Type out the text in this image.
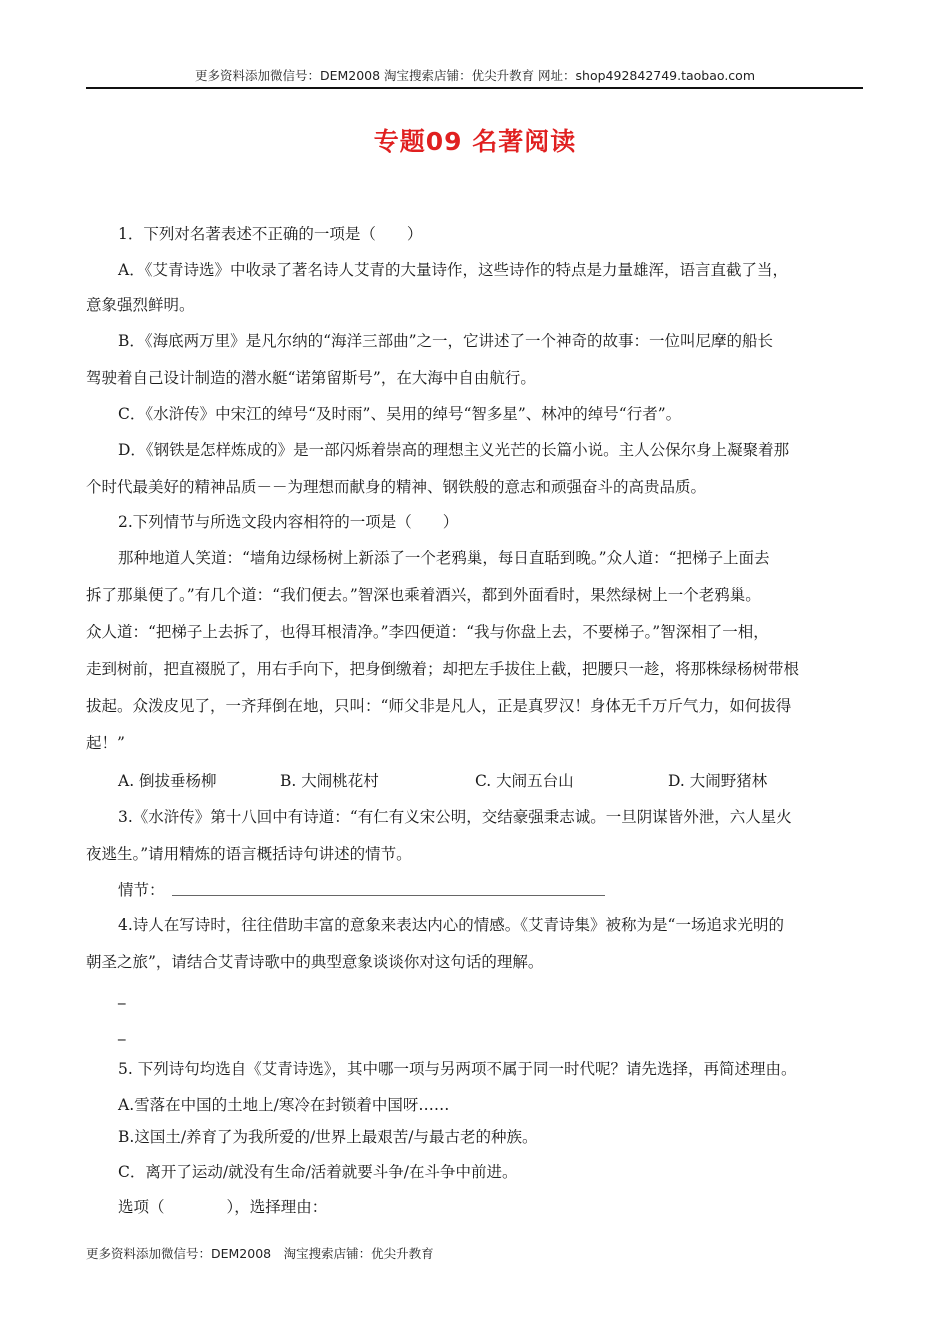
更多资料添加微信号：DEM2008 淘宝搜索店铺：优尖升教育 网址：shop492842749.taobao.com
专题09 名著阅读
1．下列对名著表述不正确的一项是（　　）
A．《艾青诗选》中收录了著名诗人艾青的大量诗作，这些诗作的特点是力量雄浑，语言直截了当，
意象强烈鲜明。
B．《海底两万里》是凡尔纳的“海洋三部曲”之一，它讲述了一个神奇的故事：一位叫尼摩的船长
驾驶着自己设计制造的潜水艇“诺第留斯号”，在大海中自由航行。
C．《水浒传》中宋江的绰号“及时雨”、吴用的绰号“智多星”、林冲的绰号“行者”。
D．《钢铁是怎样炼成的》是一部闪烁着崇高的理想主义光芒的长篇小说。主人公保尔身上凝聚着那
个时代最美好的精神品质－－为理想而献身的精神、钢铁般的意志和顽强奋斗的高贵品质。
2.下列情节与所选文段内容相符的一项是（　　）
那种地道人笑道：“墙角边绿杨树上新添了一个老鸦巢，每日直聒到晚。”众人道：“把梯子上面去
拆了那巢便了。”有几个道：“我们便去。”智深也乘着酒兴，都到外面看时，果然绿树上一个老鸦巢。
众人道：“把梯子上去拆了，也得耳根清净。”李四便道：“我与你盘上去，不要梯子。”智深相了一相，
走到树前，把直裰脱了，用右手向下，把身倒缴着；却把左手拔住上截，把腰只一趁，将那株绿杨树带根
拔起。众泼皮见了，一齐拜倒在地，只叫：“师父非是凡人，正是真罗汉！身体无千万斤气力，如何拔得
起！”
A. 倒拔垂杨柳	B. 大闹桃花村	C. 大闹五台山	D. 大闹野猪林
3.《水浒传》第十八回中有诗道：“有仁有义宋公明，交结豪强秉志诚。一旦阴谋皆外泄，六人星火
夜逃生。”请用精炼的语言概括诗句讲述的情节。
情节：
4.诗人在写诗时，往往借助丰富的意象来表达内心的情感。《艾青诗集》被称为是“一场追求光明的
朝圣之旅”，请结合艾青诗歌中的典型意象谈谈你对这句话的理解。
_
_
5. 下列诗句均选自《艾青诗选》，其中哪一项与另两项不属于同一时代呢？请先选择，再简述理由。
A.雪落在中国的土地上/寒冷在封锁着中国呀……
B.这国土/养育了为我所爱的/世界上最艰苦/与最古老的种族。
C．离开了运动/就没有生命/活着就要斗争/在斗争中前进。
选项（　　　　），选择理由：
更多资料添加微信号：DEM2008　淘宝搜索店铺：优尖升教育
